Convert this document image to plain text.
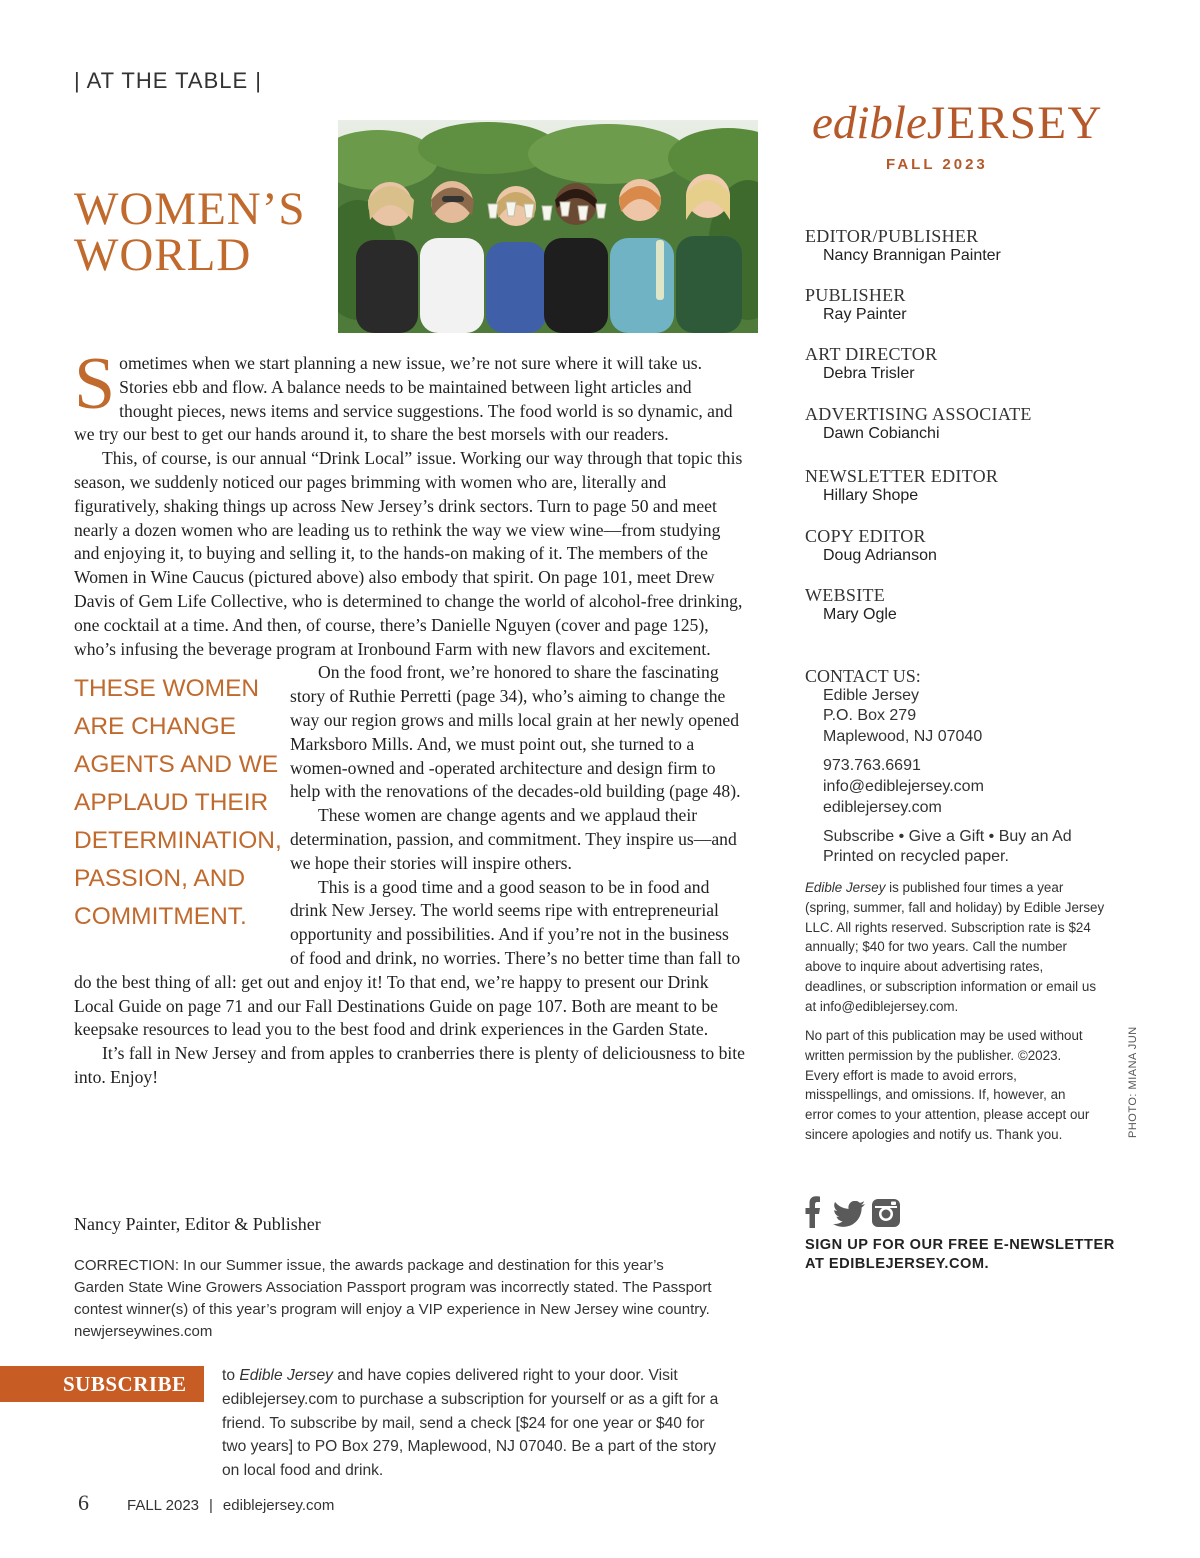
| AT THE TABLE |
WOMEN’S WORLD

Sometimes when we start planning a new issue, we’re not sure where it will take us. Stories ebb and flow. A balance needs to be maintained between light articles and thought pieces, news items and service suggestions. The food world is so dynamic, and we try our best to get our hands around it, to share the best morsels with our readers.

This, of course, is our annual “Drink Local” issue. Working our way through that topic this season, we suddenly noticed our pages brimming with women who are, literally and figuratively, shaking things up across New Jersey’s drink sectors. Turn to page 50 and meet nearly a dozen women who are leading us to rethink the way we view wine—from studying and enjoying it, to buying and selling it, to the hands-on making of it. The members of the Women in Wine Caucus (pictured above) also embody that spirit. On page 101, meet Drew Davis of Gem Life Collective, who is determined to change the world of alcohol-free drinking, one cocktail at a time. And then, of course, there’s Danielle Nguyen (cover and page 125), who’s infusing the beverage program at Ironbound Farm with new flavors and excitement.

On the food front, we’re honored to share the fascinating story of Ruthie Perretti (page 34), who’s aiming to change the way our region grows and mills local grain at her newly opened Marksboro Mills. And, we must point out, she turned to a women-owned and -operated architecture and design firm to help with the renovations of the decades-old building (page 48).

These women are change agents and we applaud their determination, passion, and commitment. They inspire us—and we hope their stories will inspire others.

This is a good time and a good season to be in food and drink New Jersey. The world seems ripe with entrepreneurial opportunity and possibilities. And if you’re not in the business of food and drink, no worries. There’s no better time than fall to do the best thing of all: get out and enjoy it! To that end, we’re happy to present our Drink Local Guide on page 71 and our Fall Destinations Guide on page 107. Both are meant to be keepsake resources to lead you to the best food and drink experiences in the Garden State.

It’s fall in New Jersey and from apples to cranberries there is plenty of deliciousness to bite into. Enjoy!

THESE WOMEN ARE CHANGE AGENTS AND WE APPLAUD THEIR DETERMINATION, PASSION, AND COMMITMENT.
Nancy Painter, Editor & Publisher
CORRECTION: In our Summer issue, the awards package and destination for this year’s Garden State Wine Growers Association Passport program was incorrectly stated. The Passport contest winner(s) of this year’s program will enjoy a VIP experience in New Jersey wine country. newjerseywines.com
SUBSCRIBE to Edible Jersey and have copies delivered right to your door. Visit ediblejersey.com to purchase a subscription for yourself or as a gift for a friend. To subscribe by mail, send a check [$24 for one year or $40 for two years] to PO Box 279, Maplewood, NJ 07040. Be a part of the story on local food and drink.
6	FALL 2023 | ediblejersey.com
edibleJERSEY
FALL 2023
EDITOR/PUBLISHER
Nancy Brannigan Painter
PUBLISHER
Ray Painter
ART DIRECTOR
Debra Trisler
ADVERTISING ASSOCIATE
Dawn Cobianchi
NEWSLETTER EDITOR
Hillary Shope
COPY EDITOR
Doug Adrianson
WEBSITE
Mary Ogle
CONTACT US:
Edible Jersey
P.O. Box 279
Maplewood, NJ 07040
973.763.6691
info@ediblejersey.com
ediblejersey.com
Subscribe • Give a Gift • Buy an Ad
Printed on recycled paper.
Edible Jersey is published four times a year (spring, summer, fall and holiday) by Edible Jersey LLC. All rights reserved. Subscription rate is $24 annually; $40 for two years. Call the number above to inquire about advertising rates, deadlines, or subscription information or email us at info@ediblejersey.com.
No part of this publication may be used without written permission by the publisher. ©2023. Every effort is made to avoid errors, misspellings, and omissions. If, however, an error comes to your attention, please accept our sincere apologies and notify us. Thank you.	PHOTO: MIANA JUN
SIGN UP FOR OUR FREE E-NEWSLETTER AT EDIBLEJERSEY.COM.
